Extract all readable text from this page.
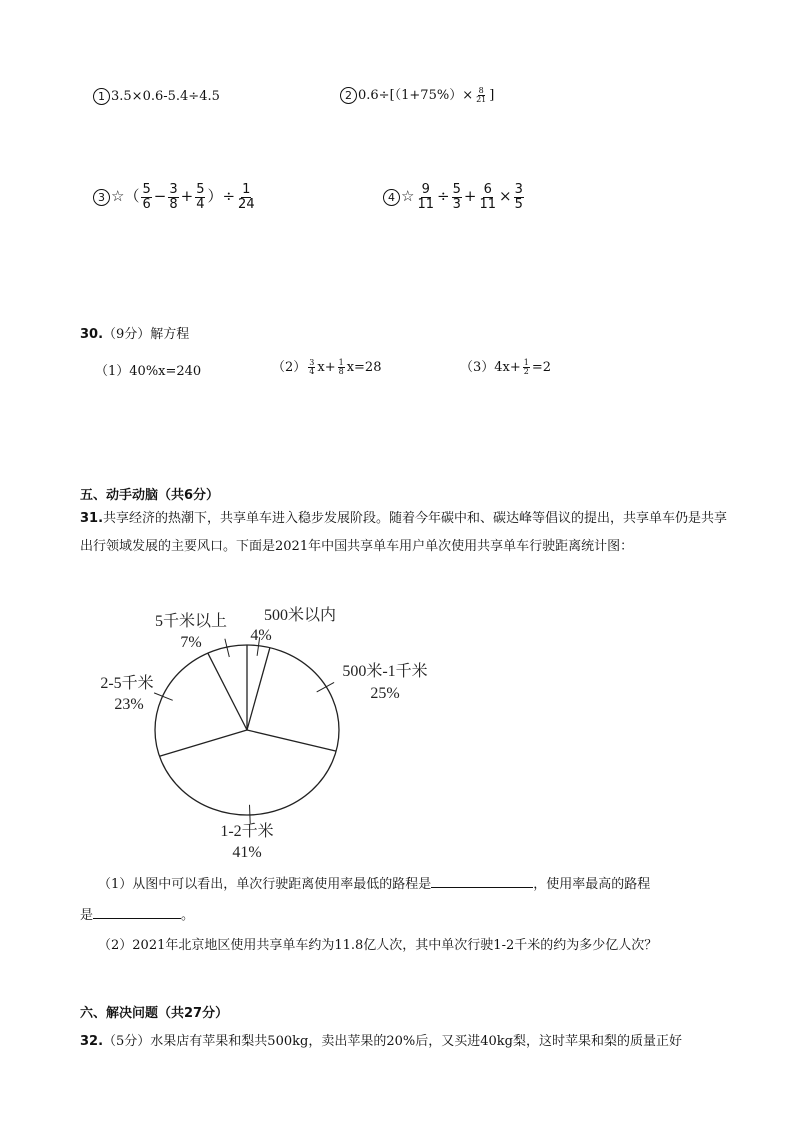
1 3.5×0.6-5.4÷4.5	2 $0.6\div[(1+75\%)\times \frac{8}{21}$ ]
3 ☆（ $\frac{5}{6} - \frac{3}{8} + \frac{5}{4}$ ）÷ $\frac{1}{24}$	4 ☆ $\frac{9}{11} \div \frac{5}{3} + \frac{6}{11} \times \frac{3}{5}$
30.（9分）解方程
（1）40%x=240	$(2) \frac{3}{4} x+ \frac{1}{8} x=28$	$(3)4x+ \frac{1}{2} =2$
五、动手动脑（共6分）
31.共享经济的热潮下，共享单车进入稳步发展阶段。随着今年碳中和、碳达峰等倡议的提出，共享单车仍是共享出行领域发展的主要风口。下面是2021年中国共享单车用户单次使用共享单车行驶距离统计图：
500米以内
4%
500米-1千米
25%
1-2千米
41%
2-5千米
23%
5千米以上
7%
（1）从图中可以看出，单次行驶距离使用率最低的路程是	，使用率最高的路程
是	。
（2）2021年北京地区使用共享单车约为11.8亿人次，其中单次行驶1-2千米的约为多少亿人次？
六、解决问题（共27分）
32.（5分）水果店有苹果和梨共500kg，卖出苹果的20%后，又买进40kg梨，这时苹果和梨的质量正好
